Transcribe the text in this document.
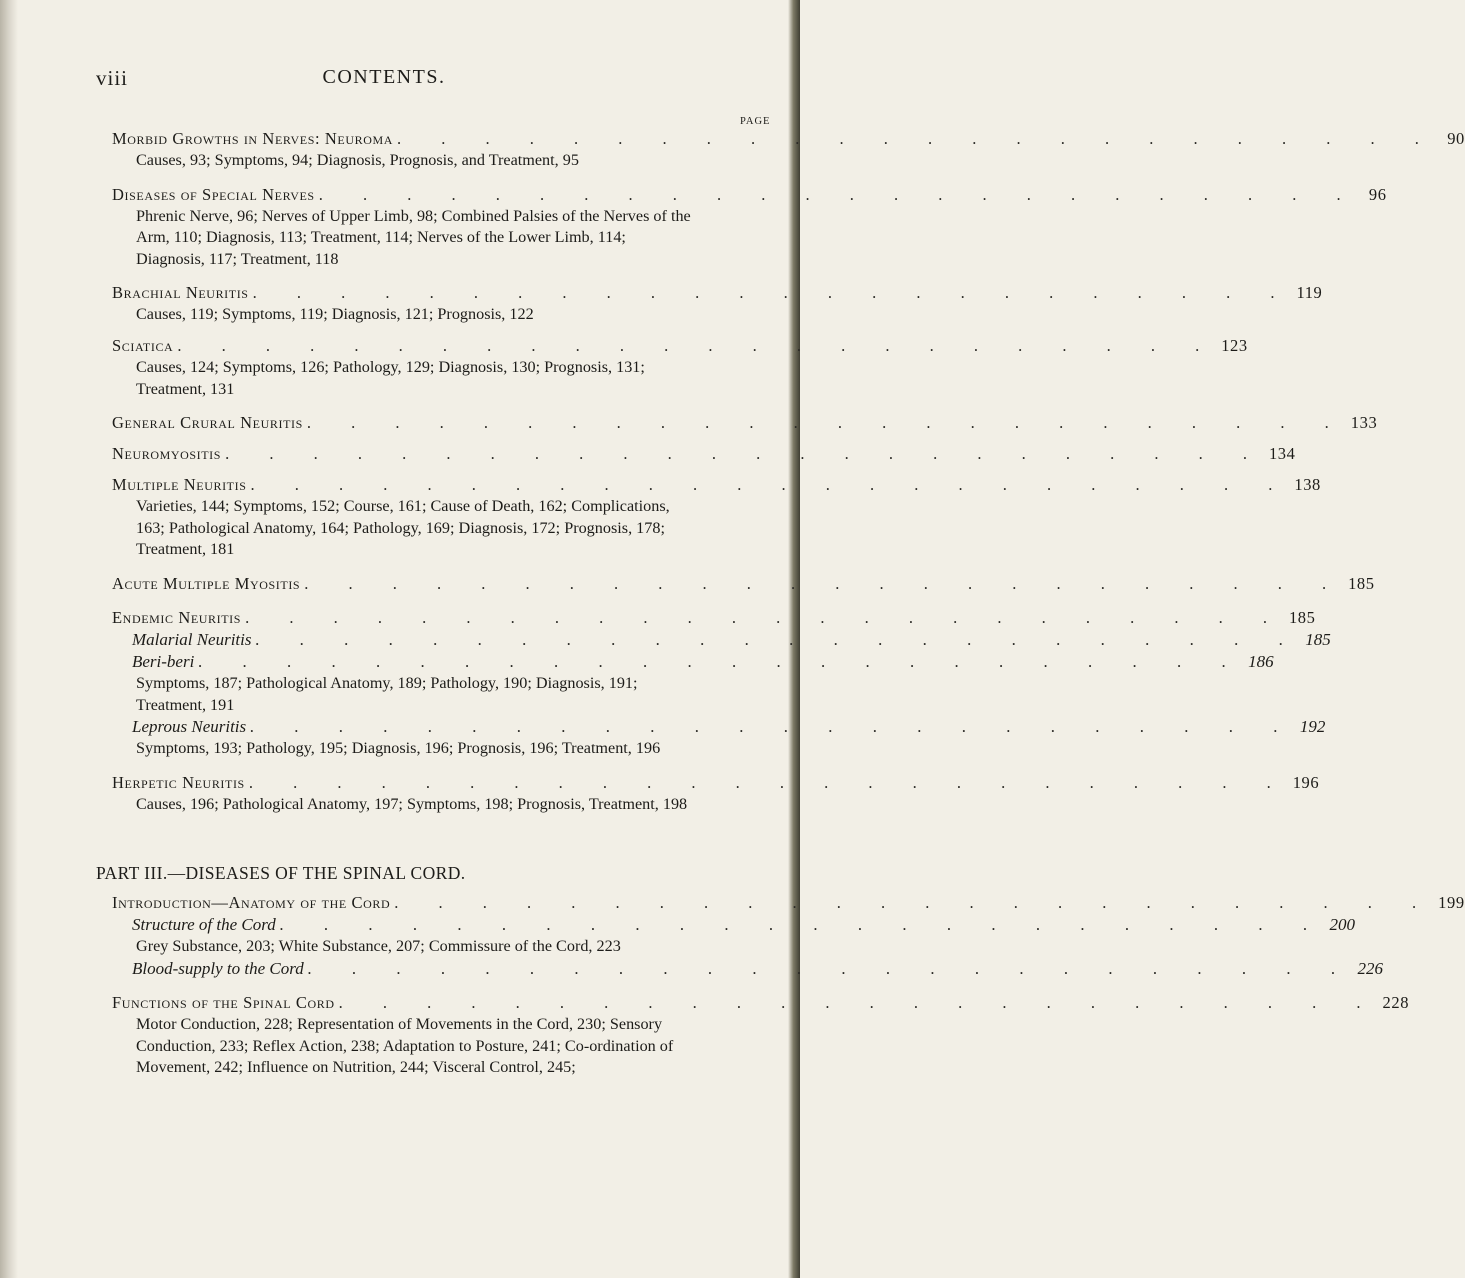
viii	CONTENTS.
PAGE
Morbid Growths in Nerves: Neuroma . . . . . . . . . . . . . . . . . . . . . . . . 90
Causes, 93; Symptoms, 94; Diagnosis, Prognosis, and Treatment, 95
Diseases of Special Nerves . . . . . . . . . . . . . . . . . . . . . . . . 96
Phrenic Nerve, 96; Nerves of Upper Limb, 98; Combined Palsies of the Nerves of the Arm, 110; Diagnosis, 113; Treatment, 114; Nerves of the Lower Limb, 114; Diagnosis, 117; Treatment, 118
Brachial Neuritis . . . . . . . . . . . . . . . . . . . . . . . . 119
Causes, 119; Symptoms, 119; Diagnosis, 121; Prognosis, 122
Sciatica . . . . . . . . . . . . . . . . . . . . . . . . 123
Causes, 124; Symptoms, 126; Pathology, 129; Diagnosis, 130; Prognosis, 131; Treatment, 131
General Crural Neuritis . . . . . . . . . . . . . . . . . . . . . . . . 133
Neuromyositis . . . . . . . . . . . . . . . . . . . . . . . . 134
Multiple Neuritis . . . . . . . . . . . . . . . . . . . . . . . . 138
Varieties, 144; Symptoms, 152; Course, 161; Cause of Death, 162; Complications, 163; Pathological Anatomy, 164; Pathology, 169; Diagnosis, 172; Prognosis, 178; Treatment, 181
Acute Multiple Myositis . . . . . . . . . . . . . . . . . . . . . . . . 185
Endemic Neuritis . . . . . . . . . . . . . . . . . . . . . . . . 185
Malarial Neuritis . . . . . . . . . . . . . . . . . . . . . . . . 185
Beri-beri . . . . . . . . . . . . . . . . . . . . . . . . 186
Symptoms, 187; Pathological Anatomy, 189; Pathology, 190; Diagnosis, 191; Treatment, 191
Leprous Neuritis . . . . . . . . . . . . . . . . . . . . . . . . 192
Symptoms, 193; Pathology, 195; Diagnosis, 196; Prognosis, 196; Treatment, 196
Herpetic Neuritis . . . . . . . . . . . . . . . . . . . . . . . . 196
Causes, 196; Pathological Anatomy, 197; Symptoms, 198; Prognosis, Treatment, 198
PART III.—DISEASES OF THE SPINAL CORD.
Introduction—Anatomy of the Cord . . . . . . . . . . . . . . . . . . . . . . . . 199
Structure of the Cord . . . . . . . . . . . . . . . . . . . . . . . . 200
Grey Substance, 203; White Substance, 207; Commissure of the Cord, 223
Blood-supply to the Cord . . . . . . . . . . . . . . . . . . . . . . . . 226
Functions of the Spinal Cord . . . . . . . . . . . . . . . . . . . . . . . . 228
Motor Conduction, 228; Representation of Movements in the Cord, 230; Sensory Conduction, 233; Reflex Action, 238; Adaptation to Posture, 241; Co-ordination of Movement, 242; Influence on Nutrition, 244; Visceral Control, 245;
